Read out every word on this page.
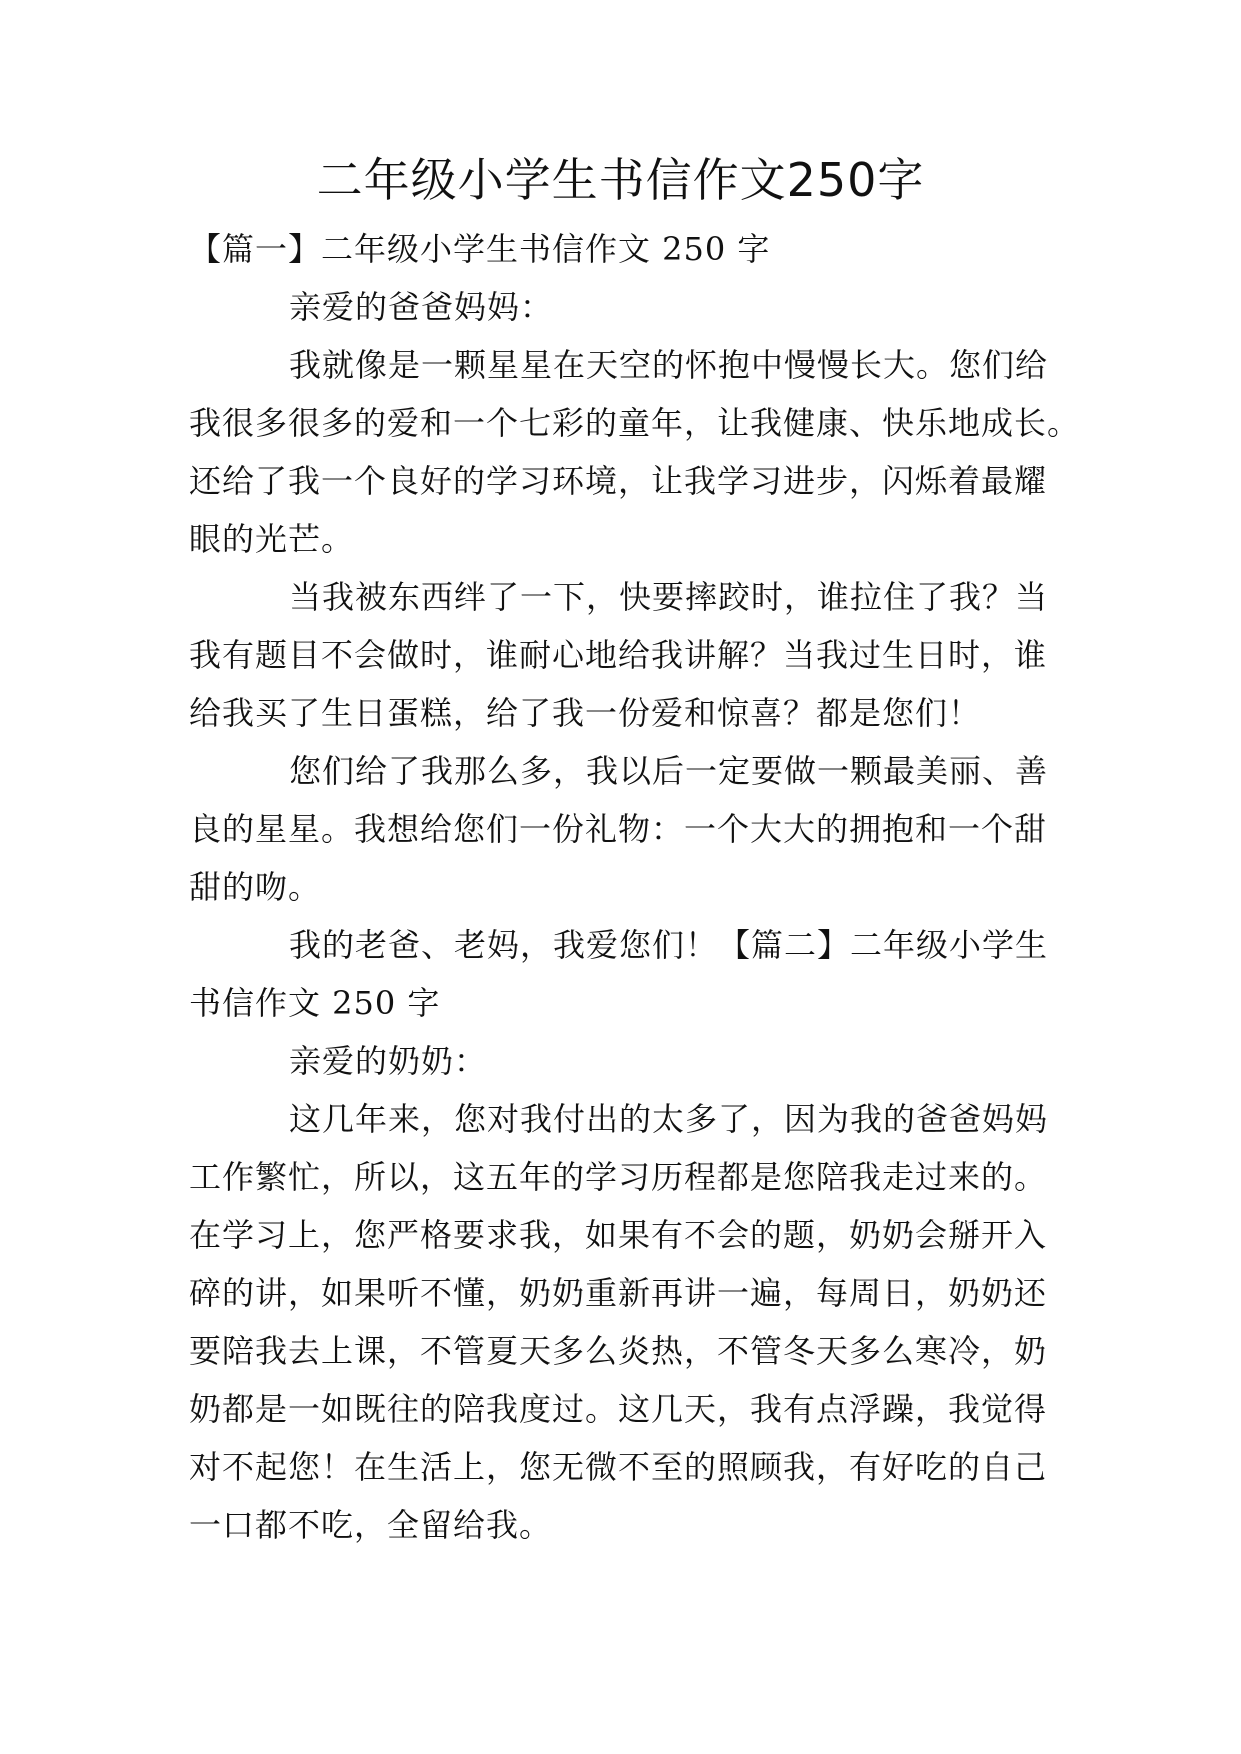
二年级小学生书信作文250字
【篇一】二年级小学生书信作文 250 字
亲爱的爸爸妈妈：
我就像是一颗星星在天空的怀抱中慢慢长大。您们给
我很多很多的爱和一个七彩的童年，让我健康、快乐地成长。
还给了我一个良好的学习环境，让我学习进步，闪烁着最耀
眼的光芒。
当我被东西绊了一下，快要摔跤时，谁拉住了我？当
我有题目不会做时，谁耐心地给我讲解？当我过生日时，谁
给我买了生日蛋糕，给了我一份爱和惊喜？都是您们！
您们给了我那么多，我以后一定要做一颗最美丽、善
良的星星。我想给您们一份礼物：一个大大的拥抱和一个甜
甜的吻。
我的老爸、老妈，我爱您们！【篇二】二年级小学生
书信作文 250 字
亲爱的奶奶：
这几年来，您对我付出的太多了，因为我的爸爸妈妈
工作繁忙，所以，这五年的学习历程都是您陪我走过来的。
在学习上，您严格要求我，如果有不会的题，奶奶会掰开入
碎的讲，如果听不懂，奶奶重新再讲一遍，每周日，奶奶还
要陪我去上课，不管夏天多么炎热，不管冬天多么寒冷，奶
奶都是一如既往的陪我度过。这几天，我有点浮躁，我觉得
对不起您！在生活上，您无微不至的照顾我，有好吃的自己
一口都不吃，全留给我。
